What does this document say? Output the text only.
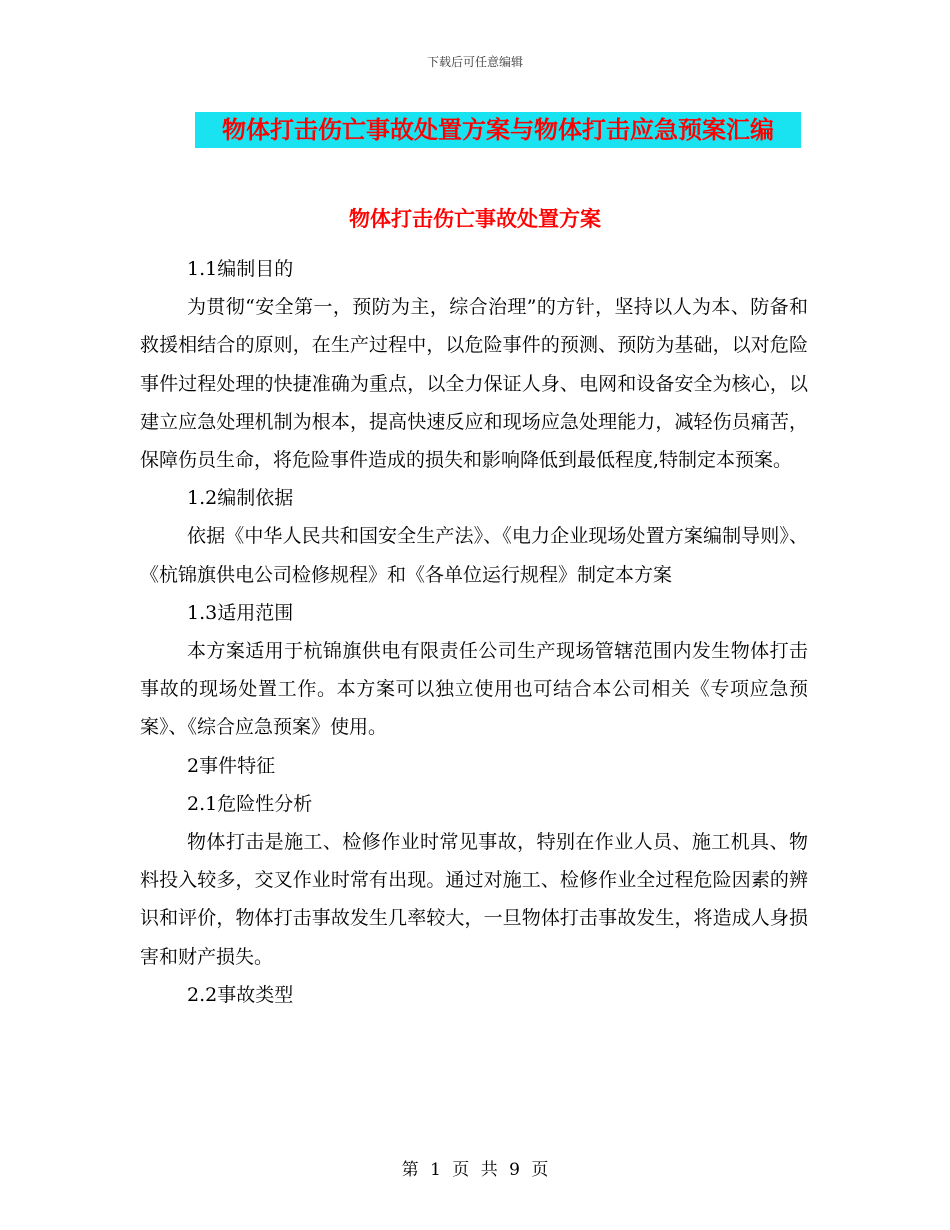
下载后可任意编辑
物体打击伤亡事故处置方案与物体打击应急预案汇编
物体打击伤亡事故处置方案

1.1编制目的

为贯彻“安全第一，预防为主，综合治理”的方针，坚持以人为本、防备和救援相结合的原则，在生产过程中，以危险事件的预测、预防为基础，以对危险事件过程处理的快捷准确为重点，以全力保证人身、电网和设备安全为核心，以建立应急处理机制为根本，提高快速反应和现场应急处理能力，减轻伤员痛苦，保障伤员生命，将危险事件造成的损失和影响降低到最低程度,特制定本预案。

1.2编制依据

依据《中华人民共和国安全生产法》、《电力企业现场处置方案编制导则》、《杭锦旗供电公司检修规程》和《各单位运行规程》制定本方案

1.3适用范围

本方案适用于杭锦旗供电有限责任公司生产现场管辖范围内发生物体打击事故的现场处置工作。本方案可以独立使用也可结合本公司相关《专项应急预案》、《综合应急预案》使用。

2事件特征

2.1危险性分析

物体打击是施工、检修作业时常见事故，特别在作业人员、施工机具、物料投入较多，交叉作业时常有出现。通过对施工、检修作业全过程危险因素的辨识和评价，物体打击事故发生几率较大，一旦物体打击事故发生，将造成人身损害和财产损失。

2.2事故类型

第 1 页 共 9 页
